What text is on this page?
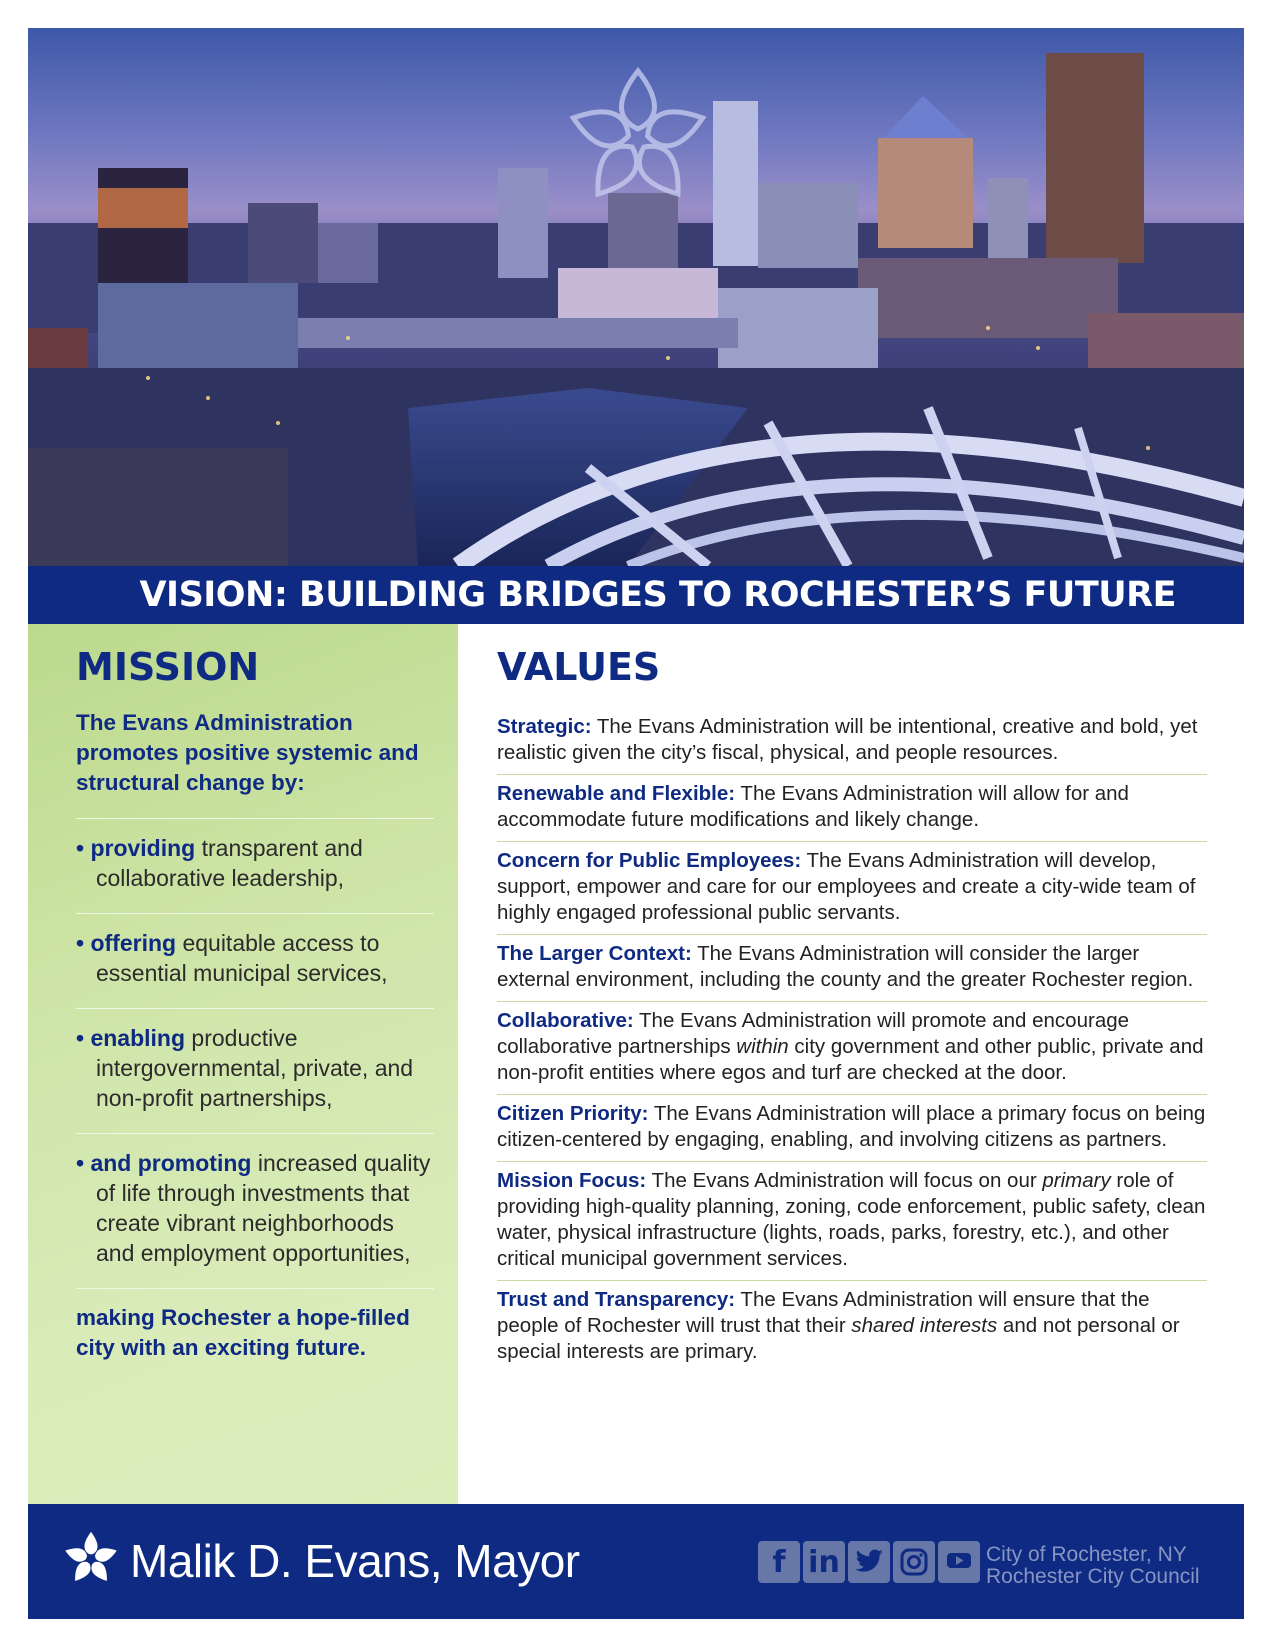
VISION: BUILDING BRIDGES TO ROCHESTER’S FUTURE
MISSION
The Evans Administration promotes positive systemic and structural change by:
• providing transparent and collaborative leadership,
• offering equitable access to essential municipal services,
• enabling productive intergovernmental, private, and non-profit partnerships,
• and promoting increased quality of life through investments that create vibrant neighborhoods and employment opportunities,
making Rochester a hope-filled city with an exciting future.
VALUES
Strategic: The Evans Administration will be intentional, creative and bold, yet realistic given the city’s fiscal, physical, and people resources.
Renewable and Flexible: The Evans Administration will allow for and accommodate future modifications and likely change.
Concern for Public Employees: The Evans Administration will develop, support, empower and care for our employees and create a city-wide team of highly engaged professional public servants.
The Larger Context: The Evans Administration will consider the larger external environment, including the county and the greater Rochester region.
Collaborative: The Evans Administration will promote and encourage collaborative partnerships within city government and other public, private and non-profit entities where egos and turf are checked at the door.
Citizen Priority: The Evans Administration will place a primary focus on being citizen-centered by engaging, enabling, and involving citizens as partners.
Mission Focus: The Evans Administration will focus on our primary role of providing high-quality planning, zoning, code enforcement, public safety, clean water, physical infrastructure (lights, roads, parks, forestry, etc.), and other critical municipal government services.
Trust and Transparency: The Evans Administration will ensure that the people of Rochester will trust that their shared interests and not personal or special interests are primary.
Malik D. Evans, Mayor	f in	City of Rochester, NY
Rochester City Council
